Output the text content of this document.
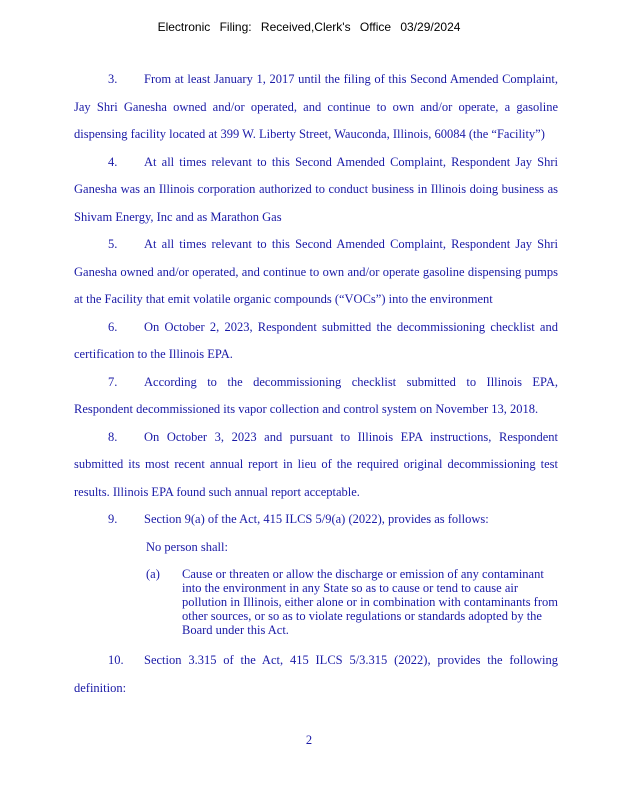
Electronic Filing: Received,Clerk's Office 03/29/2024

3. From at least January 1, 2017 until the filing of this Second Amended Complaint, Jay Shri Ganesha owned and/or operated, and continue to own and/or operate, a gasoline dispensing facility located at 399 W. Liberty Street, Wauconda, Illinois, 60084 (the “Facility”)

4. At all times relevant to this Second Amended Complaint, Respondent Jay Shri Ganesha was an Illinois corporation authorized to conduct business in Illinois doing business as Shivam Energy, Inc and as Marathon Gas

5. At all times relevant to this Second Amended Complaint, Respondent Jay Shri Ganesha owned and/or operated, and continue to own and/or operate gasoline dispensing pumps at the Facility that emit volatile organic compounds (“VOCs”) into the environment

6. On October 2, 2023, Respondent submitted the decommissioning checklist and certification to the Illinois EPA.

7. According to the decommissioning checklist submitted to Illinois EPA, Respondent decommissioned its vapor collection and control system on November 13, 2018.

8. On October 3, 2023 and pursuant to Illinois EPA instructions, Respondent submitted its most recent annual report in lieu of the required original decommissioning test results. Illinois EPA found such annual report acceptable.

9. Section 9(a) of the Act, 415 ILCS 5/9(a) (2022), provides as follows:

No person shall:

(a)	Cause or threaten or allow the discharge or emission of any contaminant into the environment in any State so as to cause or tend to cause air pollution in Illinois, either alone or in combination with contaminants from other sources, or so as to violate regulations or standards adopted by the Board under this Act.

10. Section 3.315 of the Act, 415 ILCS 5/3.315 (2022), provides the following definition:

2
